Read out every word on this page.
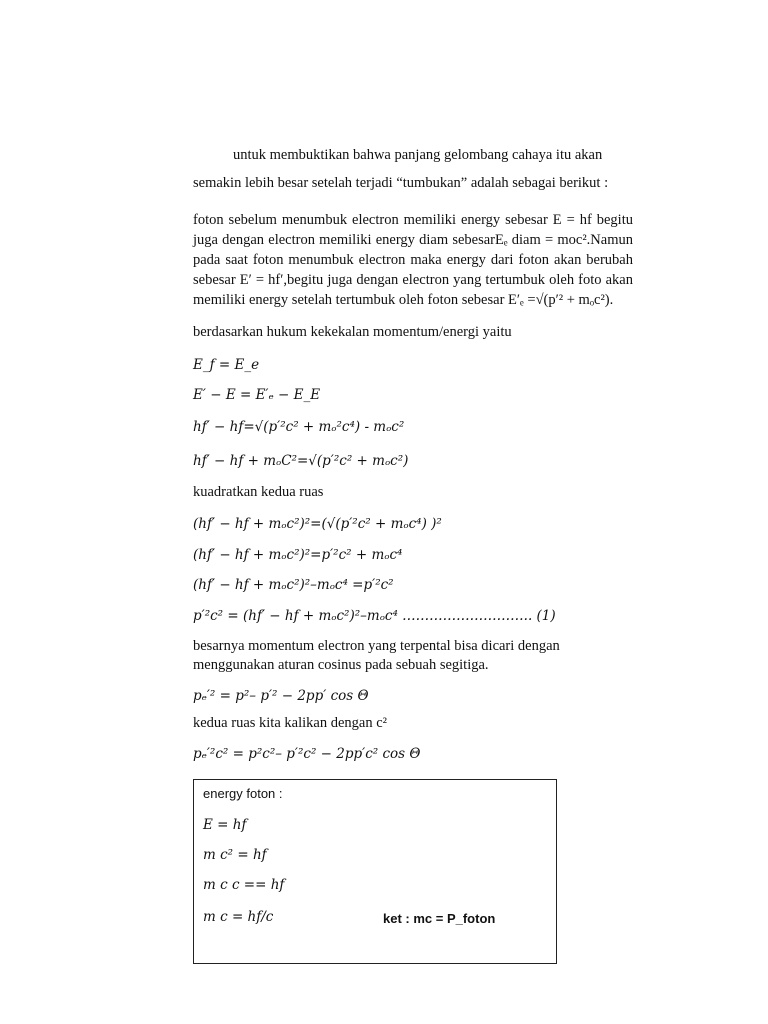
untuk membuktikan bahwa panjang gelombang cahaya itu akan
semakin lebih besar setelah terjadi “tumbukan” adalah sebagai berikut :
foton sebelum menumbuk electron memiliki energy sebesar E = hf begitu
juga dengan electron memiliki energy diam sebesarEₑ diam = moc².Namun
pada saat foton menumbuk electron maka energy dari foton akan berubah
sebesar E′ = hf′,begitu juga dengan electron yang tertumbuk oleh foto akan
memiliki energy setelah tertumbuk oleh foton sebesar E′ₑ =√(p′² + mₒc²).
berdasarkan hukum kekekalan momentum/energi yaitu
E_f = E_e
E′ − E = E′ₑ − E_E
hf′ − hf=√(p′²c² + mₒ²c⁴) - mₒc²
hf′ − hf + mₒC²=√(p′²c² + mₒc²)
kuadratkan kedua ruas
(hf′ − hf + mₒc²)²=(√(p′²c² + mₒc⁴) )²
(hf′ − hf + mₒc²)²=p′²c² + mₒc⁴
(hf′ − hf + mₒc²)²–mₒc⁴ =p′²c²
p′²c² = (hf′ − hf + mₒc²)²–mₒc⁴ ……………………….. (1)
besarnya momentum electron yang terpental bisa dicari dengan
menggunakan aturan cosinus pada sebuah segitiga.
pₑ′² = p²– p′² − 2pp′ cos Θ
kedua ruas kita kalikan dengan c²
pₑ′²c² = p²c²– p′²c² − 2pp′c² cos Θ
energy foton :
E = hf
m c² = hf
m c c == hf
m c = hf/c	ket : mc = P_foton
